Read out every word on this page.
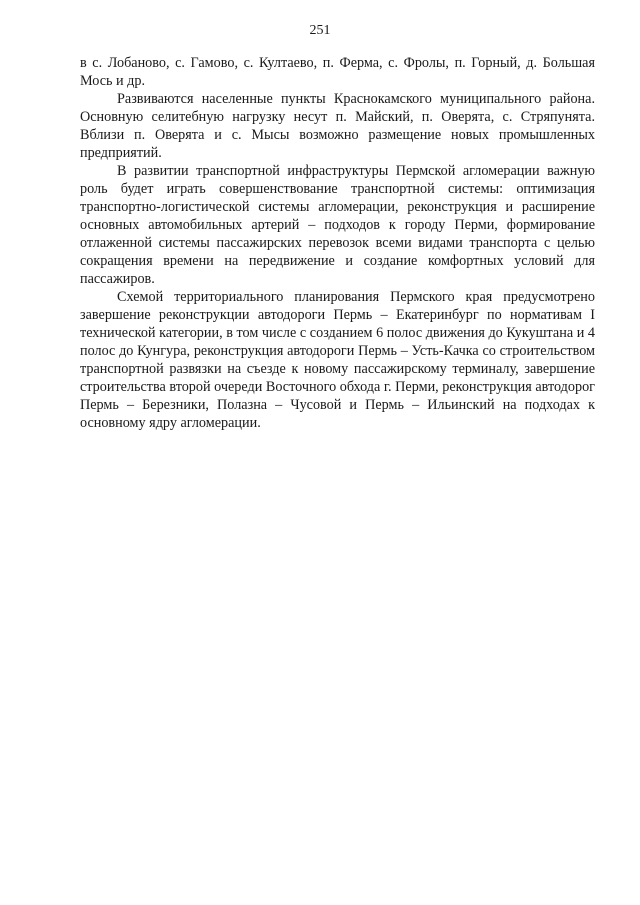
251

в с. Лобаново, с. Гамово, с. Култаево, п. Ферма, с. Фролы, п. Горный, д. Большая Мось и др.

Развиваются населенные пункты Краснокамского муниципального района. Основную селитебную нагрузку несут п. Майский, п. Оверята, с. Стряпунята. Вблизи п. Оверята и с. Мысы возможно размещение новых промышленных предприятий.

В развитии транспортной инфраструктуры Пермской агломерации важную роль будет играть совершенствование транспортной системы: оптимизация транспортно-логистической системы агломерации, реконструкция и расширение основных автомобильных артерий – подходов к городу Перми, формирование отлаженной системы пассажирских перевозок всеми видами транспорта с целью сокращения времени на передвижение и создание комфортных условий для пассажиров.

Схемой территориального планирования Пермского края предусмотрено завершение реконструкции автодороги Пермь – Екатеринбург по нормативам I технической категории, в том числе с созданием 6 полос движения до Кукуштана и 4 полос до Кунгура, реконструкция автодороги Пермь – Усть-Качка со строительством транспортной развязки на съезде к новому пассажирскому терминалу, завершение строительства второй очереди Восточного обхода г. Перми, реконструкция автодорог Пермь – Березники, Полазна – Чусовой и Пермь – Ильинский на подходах к основному ядру агломерации.
